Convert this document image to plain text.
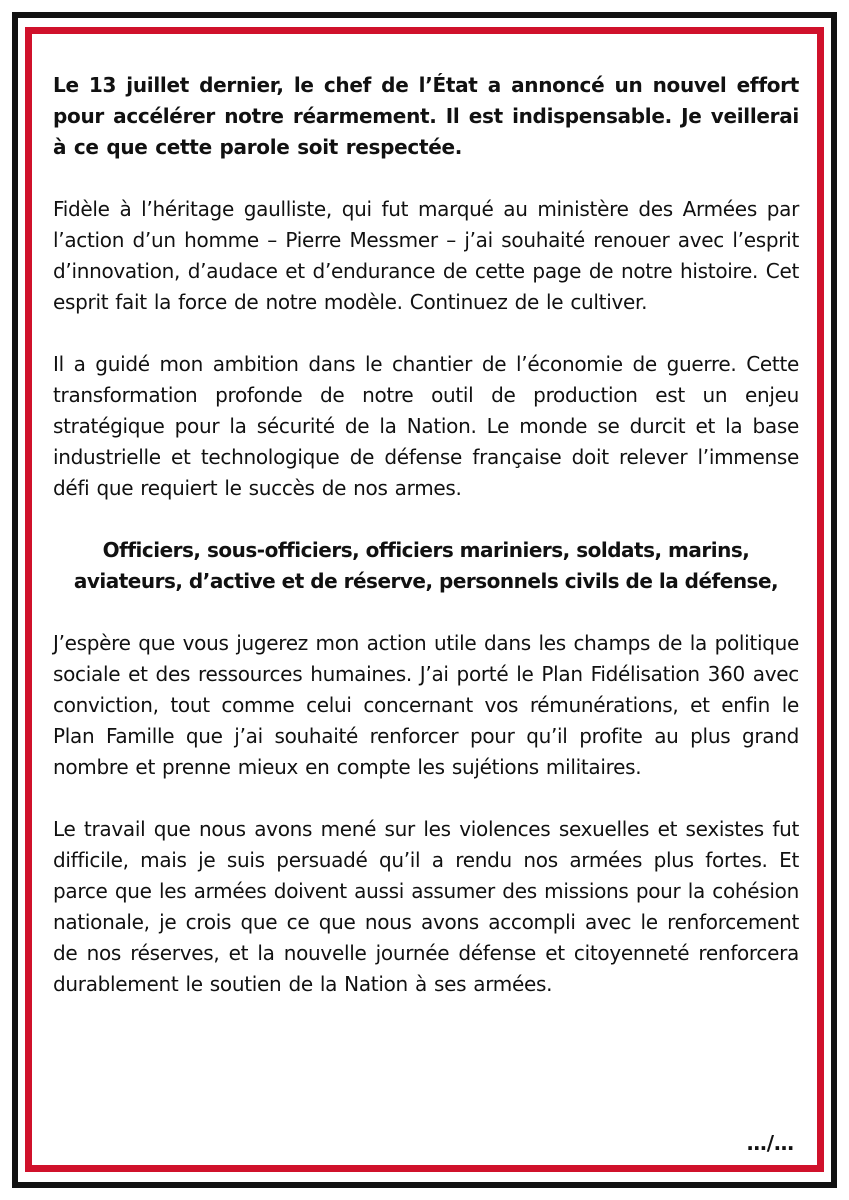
Le 13 juillet dernier, le chef de l’État a annoncé un nouvel effort pour accélérer notre réarmement. Il est indispensable. Je veillerai à ce que cette parole soit respectée.

Fidèle à l’héritage gaulliste, qui fut marqué au ministère des Armées par l’action d’un homme – Pierre Messmer – j’ai souhaité renouer avec l’esprit d’innovation, d’audace et d’endurance de cette page de notre histoire. Cet esprit fait la force de notre modèle. Continuez de le cultiver.

Il a guidé mon ambition dans le chantier de l’économie de guerre. Cette transformation profonde de notre outil de production est un enjeu stratégique pour la sécurité de la Nation. Le monde se durcit et la base industrielle et technologique de défense française doit relever l’immense défi que requiert le succès de nos armes.

Officiers, sous-officiers, officiers mariniers, soldats, marins, aviateurs, d’active et de réserve, personnels civils de la défense,

J’espère que vous jugerez mon action utile dans les champs de la politique sociale et des ressources humaines. J’ai porté le Plan Fidélisation 360 avec conviction, tout comme celui concernant vos rémunérations, et enfin le Plan Famille que j’ai souhaité renforcer pour qu’il profite au plus grand nombre et prenne mieux en compte les sujétions militaires.

Le travail que nous avons mené sur les violences sexuelles et sexistes fut difficile, mais je suis persuadé qu’il a rendu nos armées plus fortes. Et parce que les armées doivent aussi assumer des missions pour la cohésion nationale, je crois que ce que nous avons accompli avec le renforcement de nos réserves, et la nouvelle journée défense et citoyenneté renforcera durablement le soutien de la Nation à ses armées.

…/…
